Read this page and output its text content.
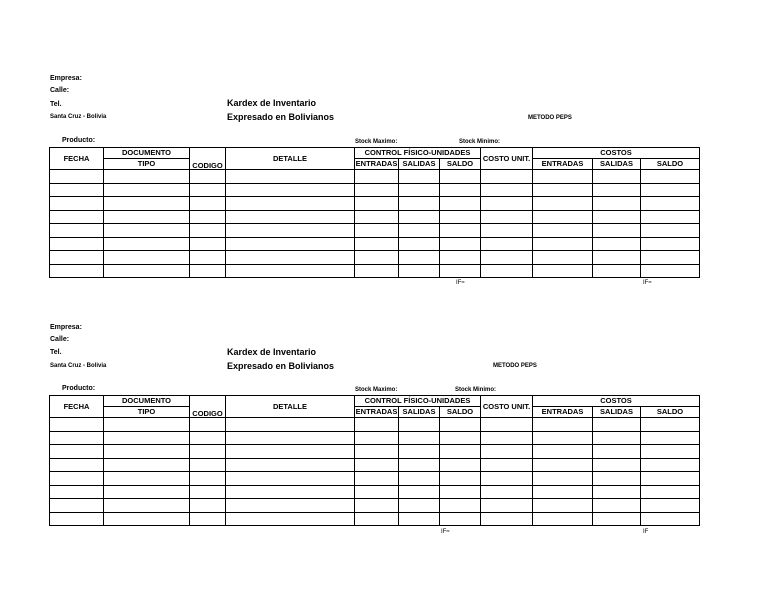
Empresa:
Calle:
Tel.
Santa Cruz - Bolivia
Kardex de Inventario
Expresado en Bolivianos	METODO PEPS
Producto:	Stock Maximo:	Stock Minimo:
FECHA	DOCUMENTO	CODIGO	DETALLE	CONTROL FÍSICO-UNIDADES			COSTO UNIT.	COSTOS		
	TIPO			ENTRADAS	SALIDAS	SALDO		ENTRADAS	SALIDAS	SALDO

IF≈	IF≈
Empresa:
Calle:
Tel.
Santa Cruz - Bolivia
Kardex de Inventario
Expresado en Bolivianos	METODO PEPS
Producto:	Stock Maximo:	Stock Minimo:
FECHA	DOCUMENTO	CODIGO	DETALLE	CONTROL FÍSICO-UNIDADES			COSTO UNIT.	COSTOS		
	TIPO			ENTRADAS	SALIDAS	SALDO		ENTRADAS	SALIDAS	SALDO

IF≈	IF
